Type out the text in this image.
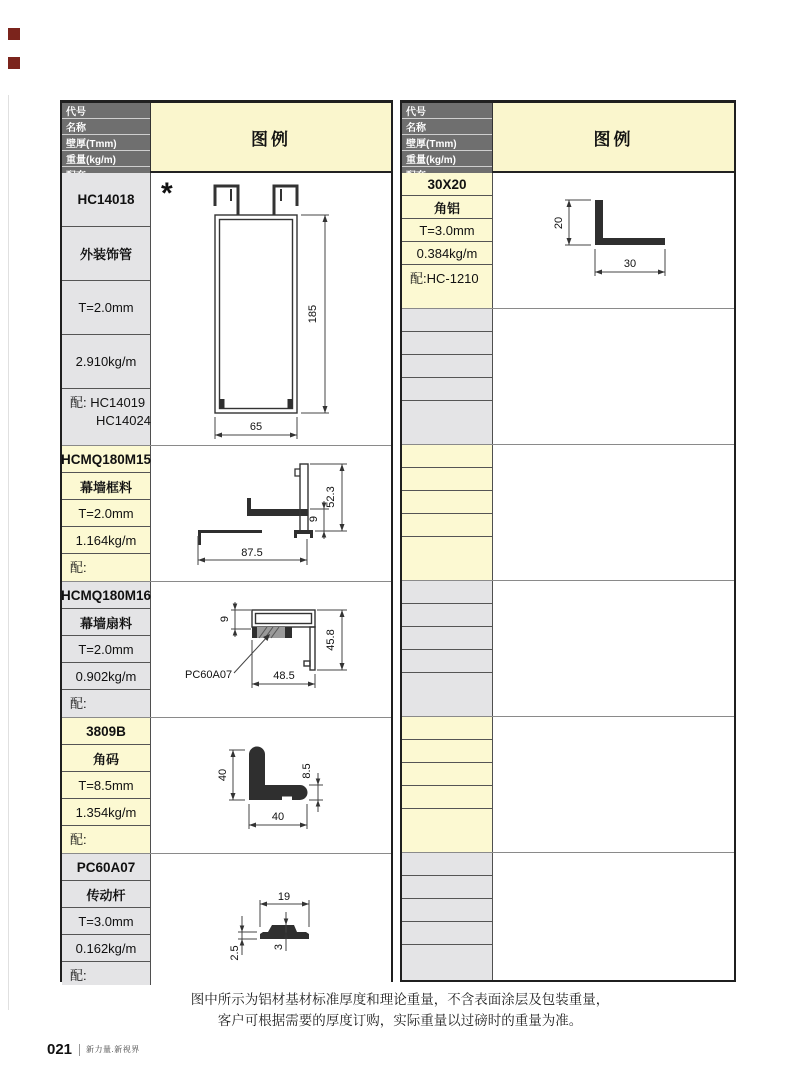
代号
名称
壁厚(Tmm)
重量(kg/m)
图例
HC14018
外装饰管
T=2.0mm
2.910kg/m
配: HC14019
HC14024
*
185
65
HCMQ180M15
幕墙框料
T=2.0mm
1.164kg/m
配:
87.5
52.3
9
HCMQ180M16
幕墙扇料
T=2.0mm
0.902kg/m
配:
9
45.8
48.5
PC60A07
3809B
角码
T=8.5mm
1.354kg/m
配:
40	8.5
40
PC60A07
传动杆
T=3.0mm
0.162kg/m
配:
19
2.5	3
代号
名称
壁厚(Tmm)
重量(kg/m)
图例
30X20
角铝
T=3.0mm
0.384kg/m
配:HC-1210
20
30
图中所示为铝材基材标准厚度和理论重量，不含表面涂层及包装重量，
客户可根据需要的厚度订购，实际重量以过磅时的重量为准。
021 新力量.新视界
